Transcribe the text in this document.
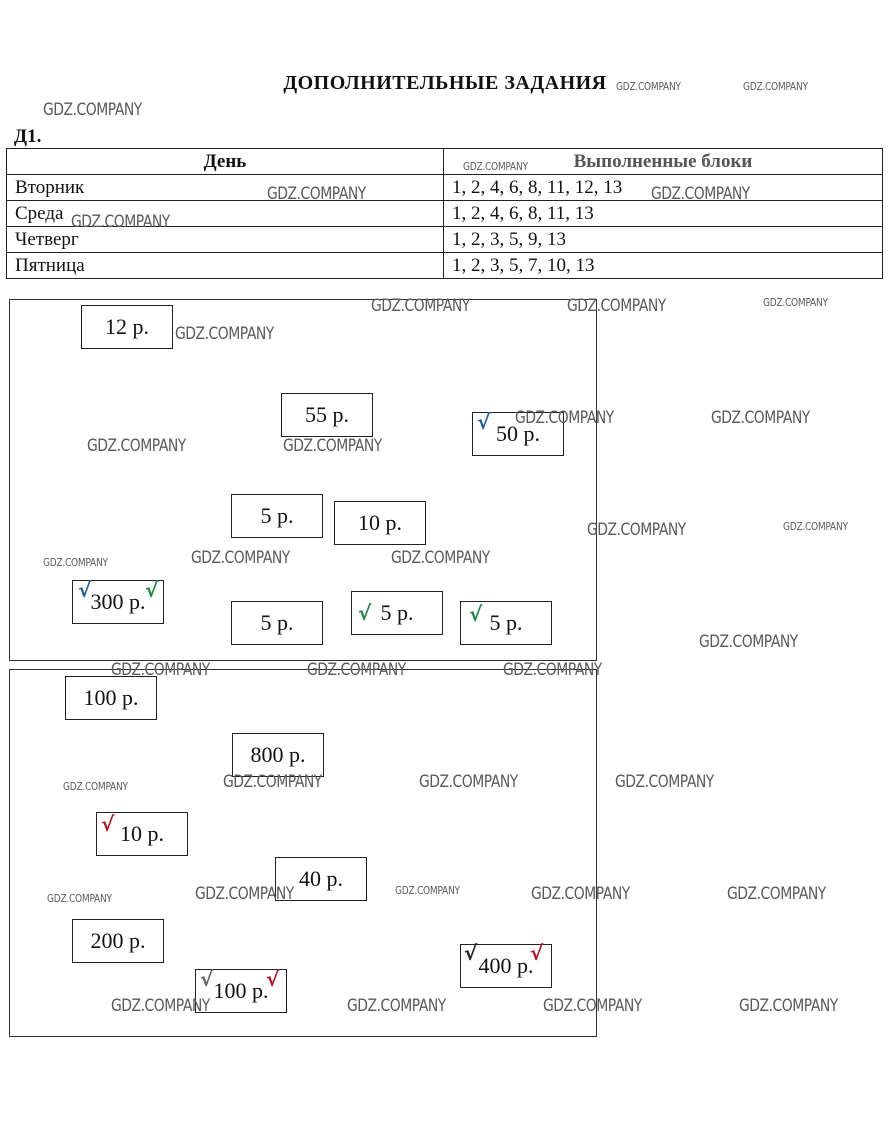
ДОПОЛНИТЕЛЬНЫЕ ЗАДАНИЯ
Д1.
День	Выполненные блоки
Вторник	1, 2, 4, 6, 8, 11, 12, 13
Среда	1, 2, 4, 6, 8, 11, 13
Четверг	1, 2, 3, 5, 9, 13
Пятница	1, 2, 3, 5, 7, 10, 13
12 р.
55 р.
50 р.
5 р.	10 р.
300 р.
5 р.	5 р.	5 р.
√
√	√
√	√
100 р.
800 р.
10 р.
40 р.
200 р.
400 р.
100 р.
√
√	√
√	√
GDZ.COMPANY
GDZ.COMPANY	GDZ.COMPANY
GDZ.COMPANY
GDZ.COMPANY	GDZ.COMPANY
GDZ.COMPANY
GDZ.COMPANY	GDZ.COMPANY	GDZ.COMPANY
GDZ.COMPANY
GDZ.COMPANY	GDZ.COMPANY
GDZ.COMPANY	GDZ.COMPANY
GDZ.COMPANY	GDZ.COMPANY
GDZ.COMPANY	GDZ.COMPANY	GDZ.COMPANY
GDZ.COMPANY
GDZ.COMPANY	GDZ.COMPANY	GDZ.COMPANY
GDZ.COMPANY	GDZ.COMPANY	GDZ.COMPANY	GDZ.COMPANY
GDZ.COMPANY	GDZ.COMPANY	GDZ.COMPANY	GDZ.COMPANY	GDZ.COMPANY
GDZ.COMPANY	GDZ.COMPANY	GDZ.COMPANY	GDZ.COMPANY
